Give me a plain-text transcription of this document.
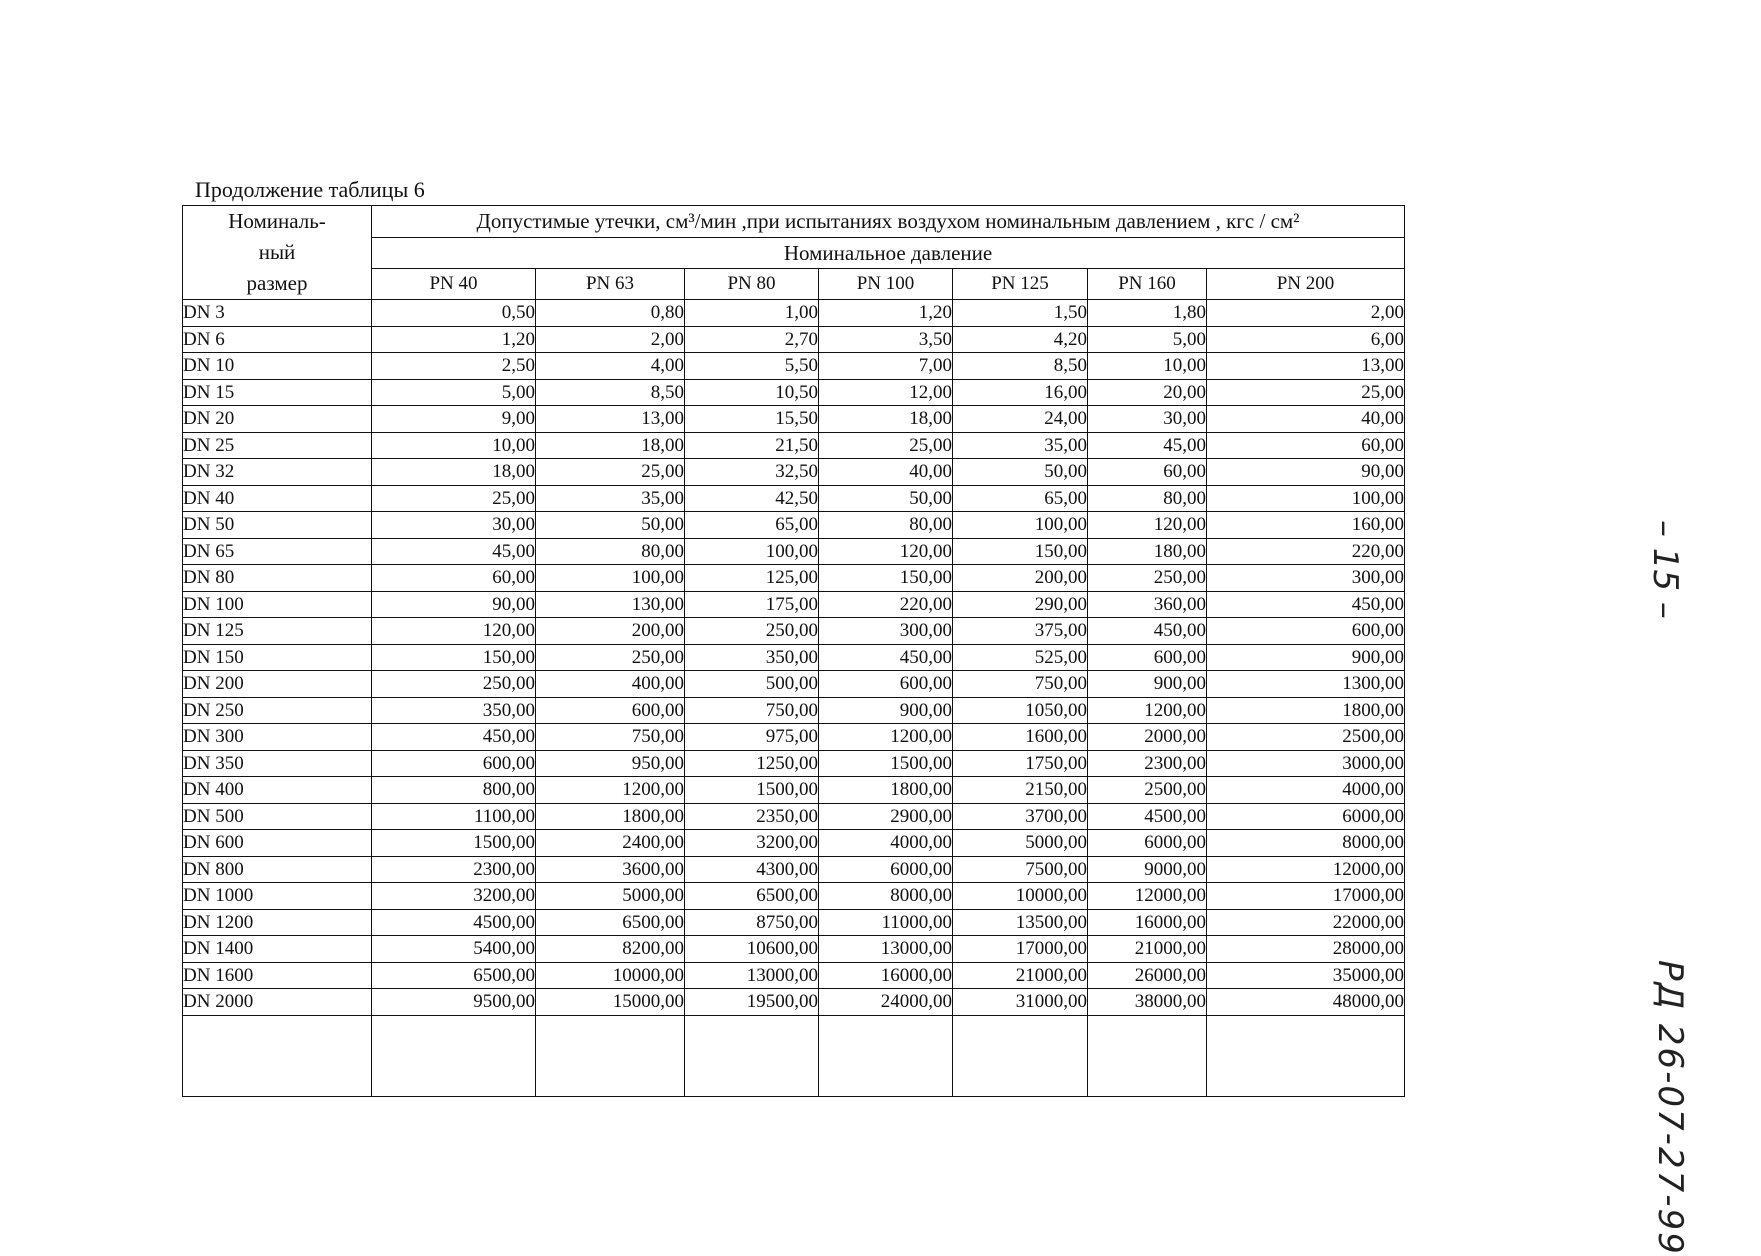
Продолжение таблицы 6
Номиналь-
ный
размер	Допустимые утечки, см³/мин ,при испытаниях воздухом номинальным давлением , кгс / см²						
	Номинальное давление						
	PN 40	PN 63	PN 80	PN 100	PN 125	PN 160	PN 200
DN 3	0,50	0,80	1,00	1,20	1,50	1,80	2,00
DN 6	1,20	2,00	2,70	3,50	4,20	5,00	6,00
DN 10	2,50	4,00	5,50	7,00	8,50	10,00	13,00
DN 15	5,00	8,50	10,50	12,00	16,00	20,00	25,00
DN 20	9,00	13,00	15,50	18,00	24,00	30,00	40,00
DN 25	10,00	18,00	21,50	25,00	35,00	45,00	60,00
DN 32	18,00	25,00	32,50	40,00	50,00	60,00	90,00
DN 40	25,00	35,00	42,50	50,00	65,00	80,00	100,00
DN 50	30,00	50,00	65,00	80,00	100,00	120,00	160,00
DN 65	45,00	80,00	100,00	120,00	150,00	180,00	220,00
DN 80	60,00	100,00	125,00	150,00	200,00	250,00	300,00
DN 100	90,00	130,00	175,00	220,00	290,00	360,00	450,00
DN 125	120,00	200,00	250,00	300,00	375,00	450,00	600,00
DN 150	150,00	250,00	350,00	450,00	525,00	600,00	900,00
DN 200	250,00	400,00	500,00	600,00	750,00	900,00	1300,00
DN 250	350,00	600,00	750,00	900,00	1050,00	1200,00	1800,00
DN 300	450,00	750,00	975,00	1200,00	1600,00	2000,00	2500,00
DN 350	600,00	950,00	1250,00	1500,00	1750,00	2300,00	3000,00
DN 400	800,00	1200,00	1500,00	1800,00	2150,00	2500,00	4000,00
DN 500	1100,00	1800,00	2350,00	2900,00	3700,00	4500,00	6000,00
DN 600	1500,00	2400,00	3200,00	4000,00	5000,00	6000,00	8000,00
DN 800	2300,00	3600,00	4300,00	6000,00	7500,00	9000,00	12000,00
DN 1000	3200,00	5000,00	6500,00	8000,00	10000,00	12000,00	17000,00
DN 1200	4500,00	6500,00	8750,00	11000,00	13500,00	16000,00	22000,00
DN 1400	5400,00	8200,00	10600,00	13000,00	17000,00	21000,00	28000,00
DN 1600	6500,00	10000,00	13000,00	16000,00	21000,00	26000,00	35000,00
DN 2000	9500,00	15000,00	19500,00	24000,00	31000,00	38000,00	48000,00

– 15 –
РД 26-07-27-99
